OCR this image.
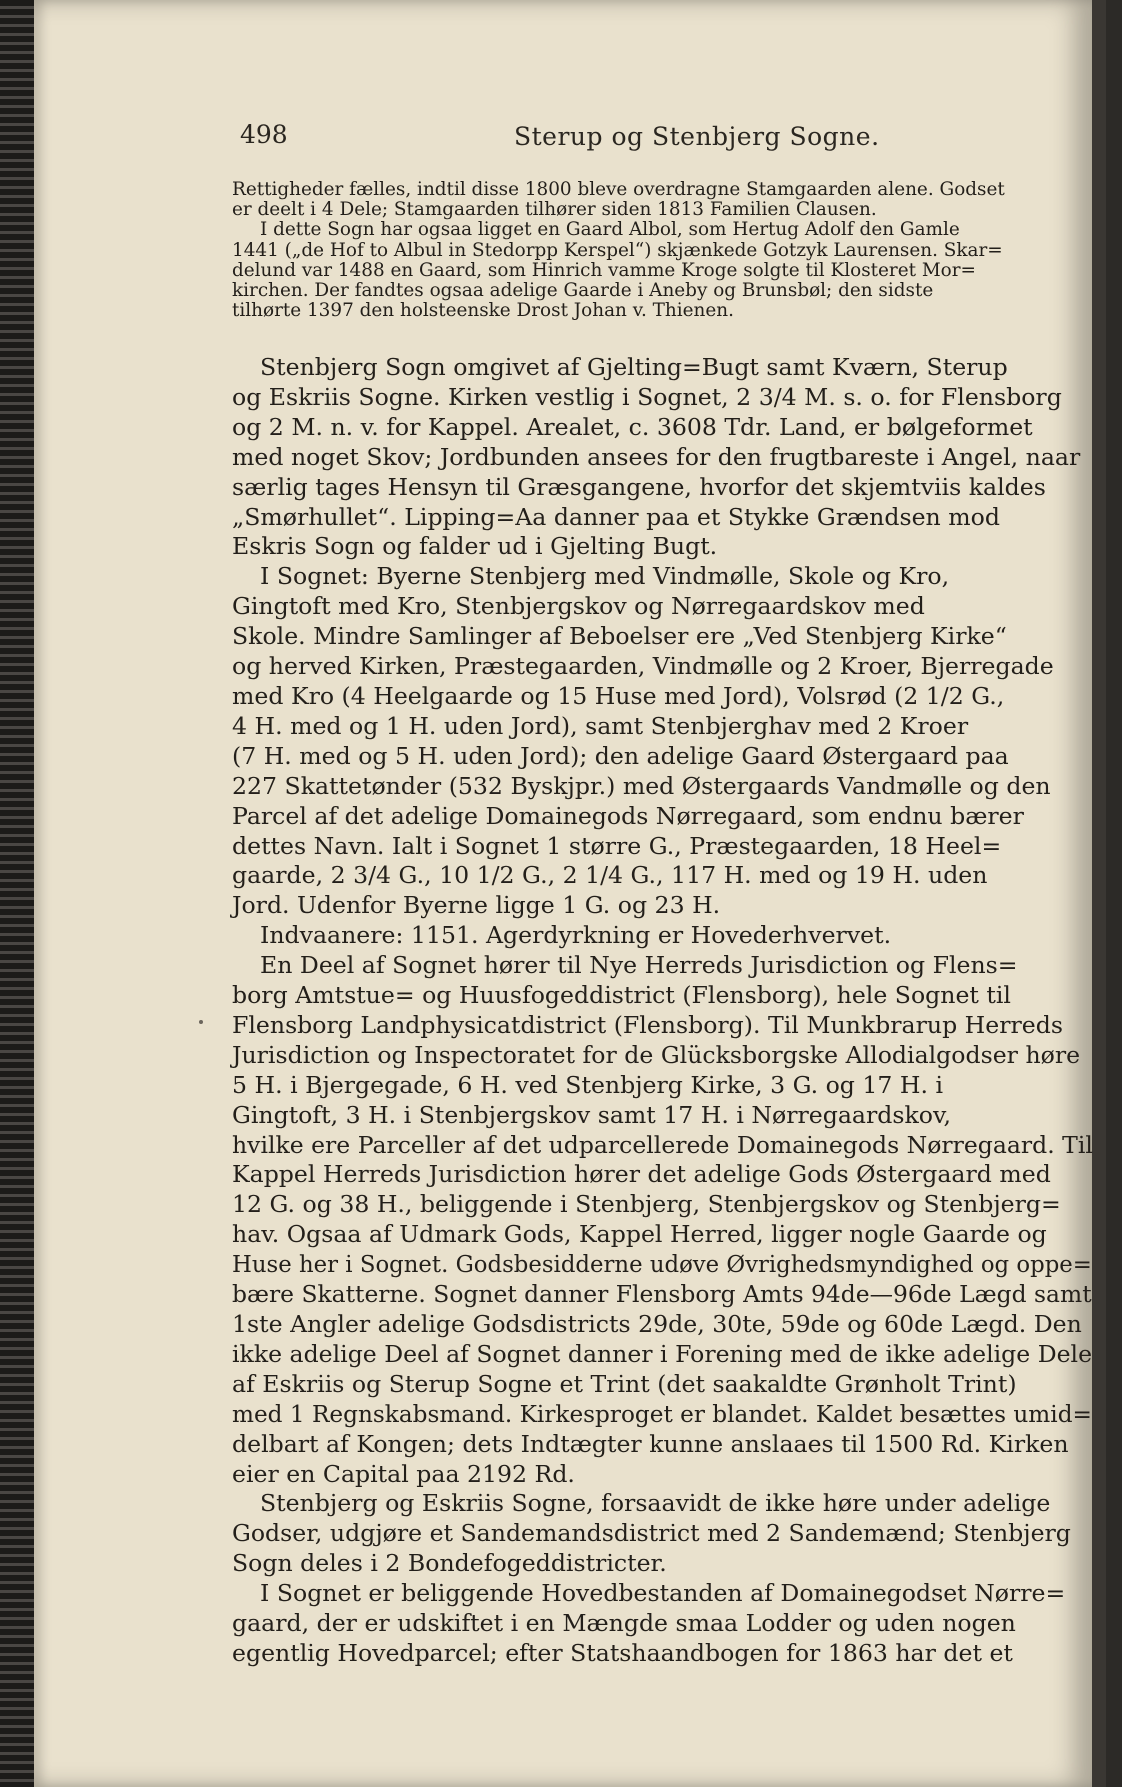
498	Sterup og Stenbjerg Sogne.
Rettigheder fælles, indtil disse 1800 bleve overdragne Stamgaarden alene. Godset
er deelt i 4 Dele; Stamgaarden tilhører siden 1813 Familien Clausen.
I dette Sogn har ogsaa ligget en Gaard Albol, som Hertug Adolf den Gamle
1441 („de Hof to Albul in Stedorpp Kerspel“) skjænkede Gotzyk Laurensen. Skar=
delund var 1488 en Gaard, som Hinrich vamme Kroge solgte til Klosteret Mor=
kirchen. Der fandtes ogsaa adelige Gaarde i Aneby og Brunsbøl; den sidste
tilhørte 1397 den holsteenske Drost Johan v. Thienen.
Stenbjerg Sogn omgivet af Gjelting=Bugt samt Kværn, Sterup
og Eskriis Sogne. Kirken vestlig i Sognet, 2 3/4 M. s. o. for Flensborg
og 2 M. n. v. for Kappel. Arealet, c. 3608 Tdr. Land, er bølgeformet
med noget Skov; Jordbunden ansees for den frugtbareste i Angel, naar
særlig tages Hensyn til Græsgangene, hvorfor det skjemtviis kaldes
„Smørhullet“. Lipping=Aa danner paa et Stykke Grændsen mod
Eskris Sogn og falder ud i Gjelting Bugt.
I Sognet: Byerne Stenbjerg med Vindmølle, Skole og Kro,
Gingtoft med Kro, Stenbjergskov og Nørregaardskov med
Skole. Mindre Samlinger af Beboelser ere „Ved Stenbjerg Kirke“
og herved Kirken, Præstegaarden, Vindmølle og 2 Kroer, Bjerregade
med Kro (4 Heelgaarde og 15 Huse med Jord), Volsrød (2 1/2 G.,
4 H. med og 1 H. uden Jord), samt Stenbjerghav med 2 Kroer
(7 H. med og 5 H. uden Jord); den adelige Gaard Østergaard paa
227 Skattetønder (532 Byskjpr.) med Østergaards Vandmølle og den
Parcel af det adelige Domainegods Nørregaard, som endnu bærer
dettes Navn. Ialt i Sognet 1 større G., Præstegaarden, 18 Heel=
gaarde, 2 3/4 G., 10 1/2 G., 2 1/4 G., 117 H. med og 19 H. uden
Jord. Udenfor Byerne ligge 1 G. og 23 H.
Indvaanere: 1151. Agerdyrkning er Hovederhvervet.
En Deel af Sognet hører til Nye Herreds Jurisdiction og Flens=
borg Amtstue= og Huusfogeddistrict (Flensborg), hele Sognet til
Flensborg Landphysicatdistrict (Flensborg). Til Munkbrarup Herreds
Jurisdiction og Inspectoratet for de Glücksborgske Allodialgodser høre
5 H. i Bjergegade, 6 H. ved Stenbjerg Kirke, 3 G. og 17 H. i
Gingtoft, 3 H. i Stenbjergskov samt 17 H. i Nørregaardskov,
hvilke ere Parceller af det udparcellerede Domainegods Nørregaard. Til
Kappel Herreds Jurisdiction hører det adelige Gods Østergaard med
12 G. og 38 H., beliggende i Stenbjerg, Stenbjergskov og Stenbjerg=
hav. Ogsaa af Udmark Gods, Kappel Herred, ligger nogle Gaarde og
Huse her i Sognet. Godsbesidderne udøve Øvrighedsmyndighed og oppe=
bære Skatterne. Sognet danner Flensborg Amts 94de—96de Lægd samt
1ste Angler adelige Godsdistricts 29de, 30te, 59de og 60de Lægd. Den
ikke adelige Deel af Sognet danner i Forening med de ikke adelige Dele
af Eskriis og Sterup Sogne et Trint (det saakaldte Grønholt Trint)
med 1 Regnskabsmand. Kirkesproget er blandet. Kaldet besættes umid=
delbart af Kongen; dets Indtægter kunne anslaaes til 1500 Rd. Kirken
eier en Capital paa 2192 Rd.
Stenbjerg og Eskriis Sogne, forsaavidt de ikke høre under adelige
Godser, udgjøre et Sandemandsdistrict med 2 Sandemænd; Stenbjerg
Sogn deles i 2 Bondefogeddistricter.
I Sognet er beliggende Hovedbestanden af Domainegodset Nørre=
gaard, der er udskiftet i en Mængde smaa Lodder og uden nogen
egentlig Hovedparcel; efter Statshaandbogen for 1863 har det et
